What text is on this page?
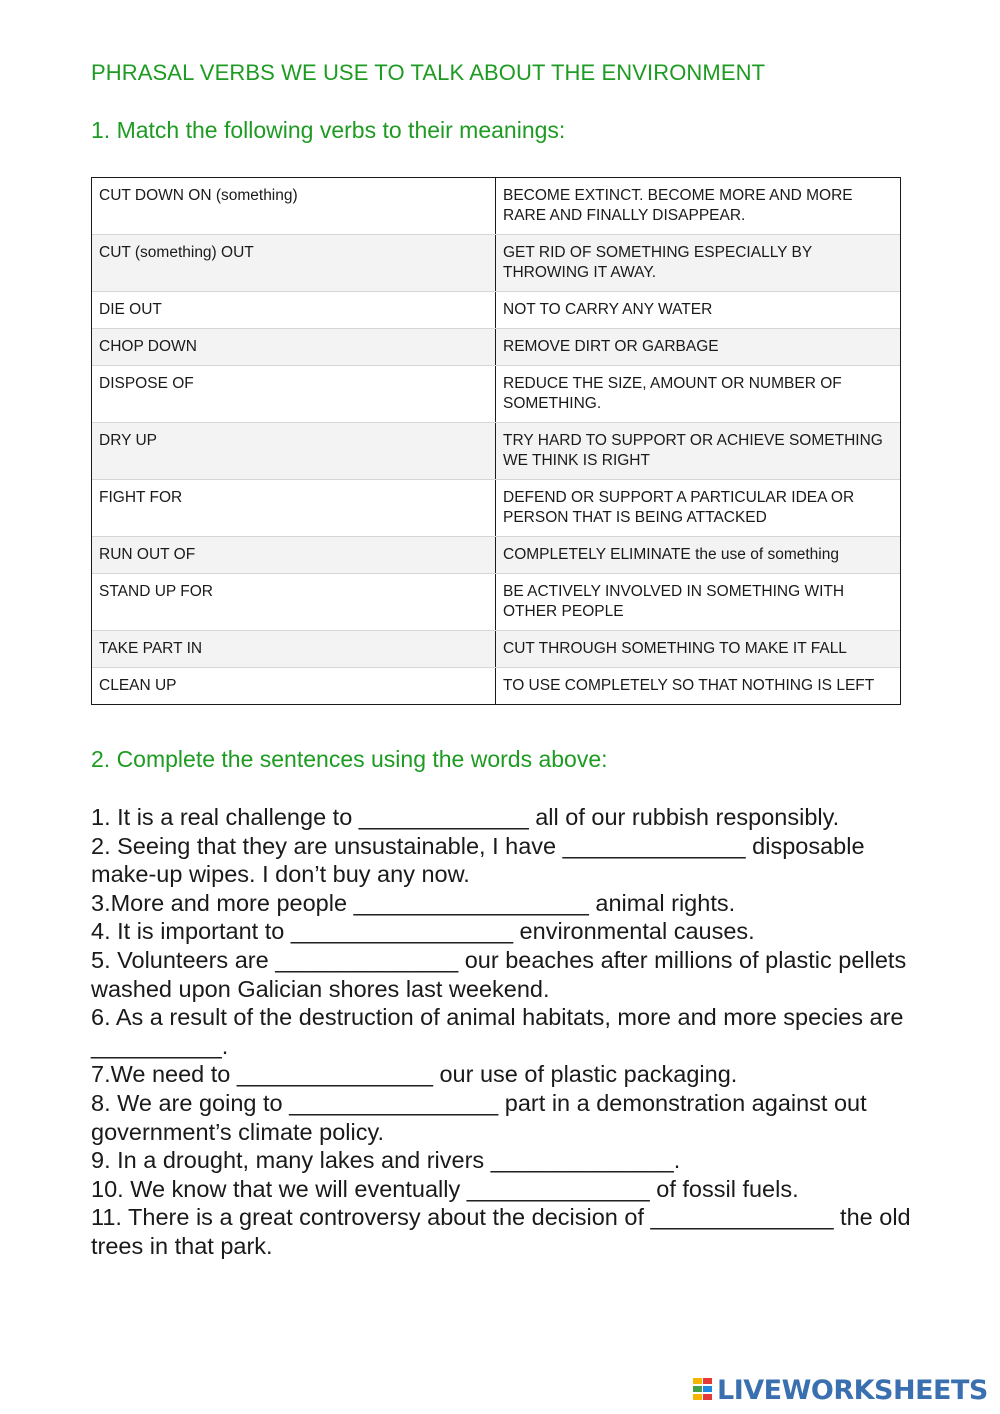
PHRASAL VERBS WE USE TO TALK ABOUT THE ENVIRONMENT
1. Match the following verbs to their meanings:
CUT DOWN ON (something)	BECOME EXTINCT. BECOME MORE AND MORE RARE AND FINALLY DISAPPEAR.
CUT (something) OUT	GET RID OF SOMETHING ESPECIALLY BY THROWING IT AWAY.
DIE OUT	NOT TO CARRY ANY WATER
CHOP DOWN	REMOVE DIRT OR GARBAGE
DISPOSE OF	REDUCE THE SIZE, AMOUNT OR NUMBER OF SOMETHING.
DRY UP	TRY HARD TO SUPPORT OR ACHIEVE SOMETHING WE THINK IS RIGHT
FIGHT FOR	DEFEND OR SUPPORT A PARTICULAR IDEA OR PERSON THAT IS BEING ATTACKED
RUN OUT OF	COMPLETELY ELIMINATE the use of something
STAND UP FOR	BE ACTIVELY INVOLVED IN SOMETHING WITH OTHER PEOPLE
TAKE PART IN	CUT THROUGH SOMETHING TO MAKE IT FALL
CLEAN UP	TO USE COMPLETELY SO THAT NOTHING IS LEFT
2. Complete the sentences using the words above:
1. It is a real challenge to _____________ all of our rubbish responsibly.
2. Seeing that they are unsustainable, I have ______________ disposable make-up wipes. I don’t buy any now.
3.More and more people __________________ animal rights.
4. It is important to _________________ environmental causes.
5. Volunteers are ______________ our beaches after millions of plastic pellets washed upon Galician shores last weekend.
6. As a result of the destruction of animal habitats, more and more species are __________.
7.We need to _______________ our use of plastic packaging.
8. We are going to ________________ part in a demonstration against out government’s climate policy.
9. In a drought, many lakes and rivers ______________.
10. We know that we will eventually ______________ of fossil fuels.
11. There is a great controversy about the decision of ______________ the old trees in that park.
LIVEWORKSHEETS
